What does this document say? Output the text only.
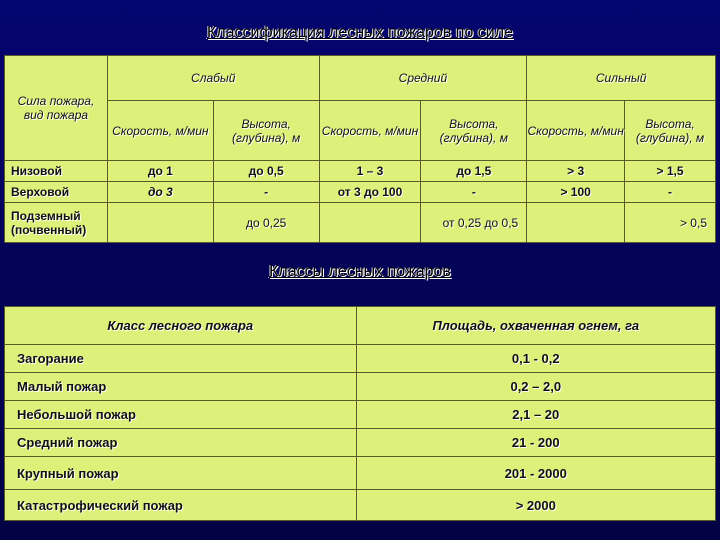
Классификация лесных пожаров по силе
Сила пожара, вид пожара	Слабый		Средний		Сильный	
	Скорость, м/мин	Высота, (глубина), м	Скорость, м/мин	Высота, (глубина), м	Скорость, м/мин	Высота, (глубина), м
Низовой	до 1	до 0,5	1 – 3	до 1,5	> 3	> 1,5
Верховой	до 3	-	от 3 до 100	-	> 100	-
Подземный (почвенный)		до 0,25		от 0,25 до 0,5		> 0,5
Классы лесных пожаров
Класс лесного пожара	Площадь, охваченная огнем, га
Загорание	0,1 - 0,2
Малый пожар	0,2 – 2,0
Небольшой пожар	2,1 – 20
Средний пожар	21 - 200
Крупный пожар	201 - 2000
Катастрофический пожар	> 2000
